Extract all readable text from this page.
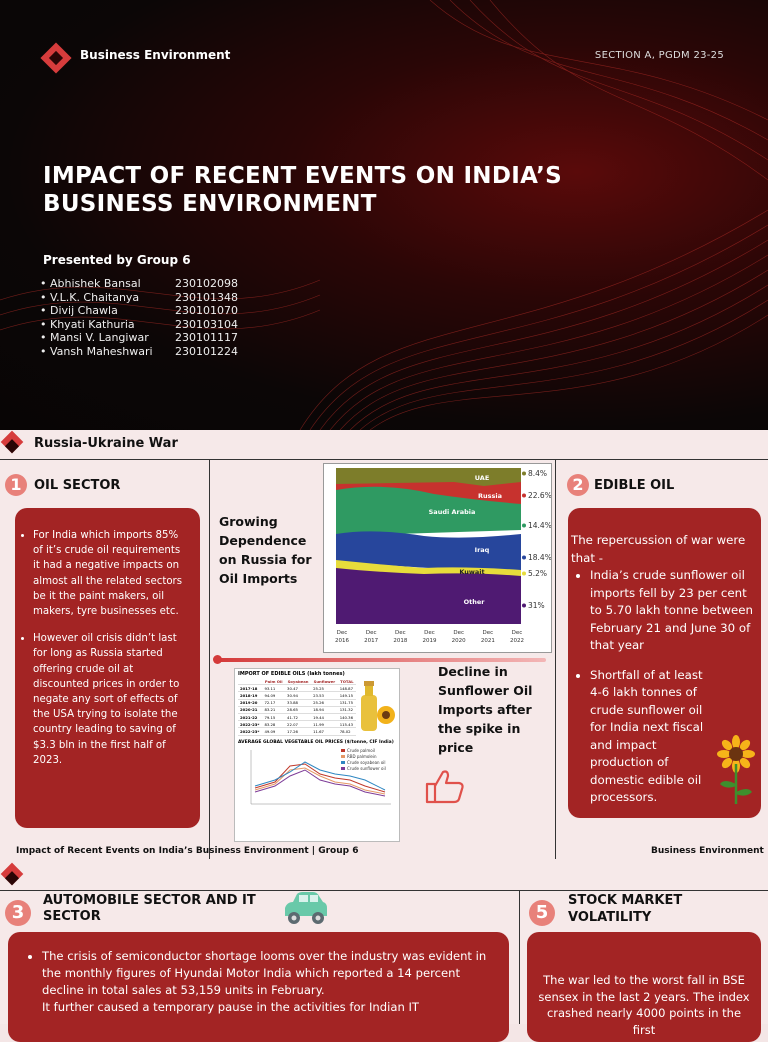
Business Environment	SECTION A, PGDM 23-25
IMPACT OF RECENT EVENTS ON INDIA’S BUSINESS ENVIRONMENT
Presented by Group 6
• Abhishek Bansal	230102098
• V.L.K. Chaitanya	230101348
• Divij Chawla	230101070
• Khyati Kathuria	230103104
• Mansi V. Langiwar	230101117
• Vansh Maheshwari	230101224
Russia-Ukraine War
1 OIL SECTOR
• For India which imports 85% of it’s crude oil requirements it had a negative impacts on almost all the related sectors be it the paint makers, oil makers, tyre businesses etc.
• However oil crisis didn’t last for long as Russia started offering crude oil at discounted prices in order to negate any sort of effects of the USA trying to isolate the country leading to saving of $3.3 bln in the first half of 2023.
Growing Dependence on Russia for Oil Imports
Dec
2016
Dec
2017
Dec
2018
Dec
2019
Dec
2020
Dec
2021
Dec
2022
UAE
Russia
Saudi Arabia
Iraq
Kuwait
Other
8.4%
22.6%
14.4%
18.4%
5.2%
31%
IMPORT OF EDIBLE OILS (lakh tonnes)
	Palm Oil	Soyabean	Sunflower	TOTAL
2017-18	93.11	30.47	25.25	148.87
2018-19	94.09	30.94	23.53	149.15
2019-20	72.17	33.88	25.26	131.75
2020-21	83.21	28.65	18.94	131.32
2021-22	79.15	41.72	19.44	140.36
2022-23*	83.28	22.07	11.99	115.43
2022-23*	49.09	17.26	11.67	78.02
AVERAGE GLOBAL VEGETABLE OIL PRICES ($/tonne, CIF India)
Crude palmoil
RBD palmolein
Crude soyabean oil
Crude sunflower oil
Decline in Sunflower Oil Imports after the spike in price
2 EDIBLE OIL
The repercussion of war were that -
• India’s crude sunflower oil imports fell by 23 per cent to 5.70 lakh tonne between February 21 and June 30 of that year
• Shortfall of at least 4-6 lakh tonnes of crude sunflower oil for India next fiscal and impact production of domestic edible oil processors.
Impact of Recent Events on India’s Business Environment | Group 6	Business Environment
3
AUTOMOBILE SECTOR AND IT SECTOR
• The crisis of semiconductor shortage looms over the industry was evident in the monthly figures of Hyundai Motor India which reported a 14 percent decline in total sales at 53,159 units in February.
It further caused a temporary pause in the activities for Indian IT
5
STOCK MARKET VOLATILITY
The war led to the worst fall in BSE sensex in the last 2 years. The index crashed nearly 4000 points in the first
